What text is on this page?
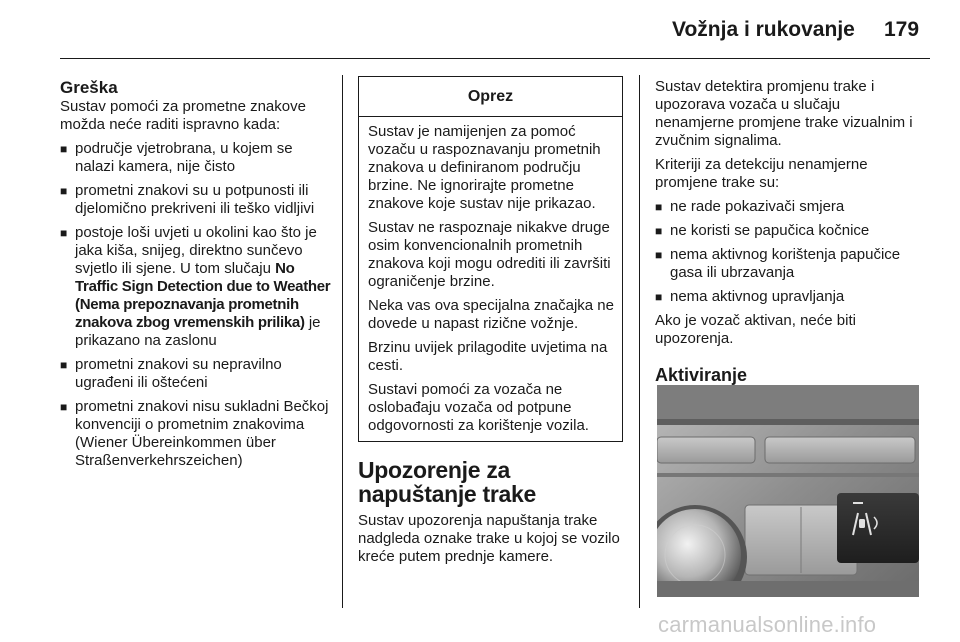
Vožnja i rukovanje 179
Greška

Sustav pomoći za prometne znakove možda neće raditi ispravno kada:

■ područje vjetrobrana, u kojem se nalazi kamera, nije čisto
■ prometni znakovi su u potpunosti ili djelomično prekriveni ili teško vidljivi
■ postoje loši uvjeti u okolini kao što je jaka kiša, snijeg, direktno sunčevo svjetlo ili sjene. U tom slučaju No Traffic Sign Detection due to Weather (Nema prepoznavanja prometnih znakova zbog vremenskih prilika) je prikazano na zaslonu
■ prometni znakovi su nepravilno ugrađeni ili oštećeni
■ prometni znakovi nisu sukladni Bečkoj konvenciji o prometnim znakovima (Wiener Übereinkommen über Straßenverkehrszeichen)
Oprez

Sustav je namijenjen za pomoć vozaču u raspoznavanju prometnih znakova u definiranom području brzine. Ne ignorirajte prometne znakove koje sustav nije prikazao.

Sustav ne raspoznaje nikakve druge osim konvencionalnih prometnih znakova koji mogu odrediti ili završiti ograničenje brzine.

Neka vas ova specijalna značajka ne dovede u napast rizične vožnje.

Brzinu uvijek prilagodite uvjetima na cesti.

Sustavi pomoći za vozača ne oslobađaju vozača od potpune odgovornosti za korištenje vozila.

Upozorenje za napuštanje trake

Sustav upozorenja napuštanja trake nadgleda oznake trake u kojoj se vozilo kreće putem prednje kamere.

Sustav detektira promjenu trake i upozorava vozača u slučaju nenamjerne promjene trake vizualnim i zvučnim signalima.

Kriteriji za detekciju nenamjerne promjene trake su:

■ ne rade pokazivači smjera
■ ne koristi se papučica kočnice
■ nema aktivnog korištenja papučice gasa ili ubrzavanja
■ nema aktivnog upravljanja

Ako je vozač aktivan, neće biti upozorenja.

Aktiviranje
carmanualsonline.info
